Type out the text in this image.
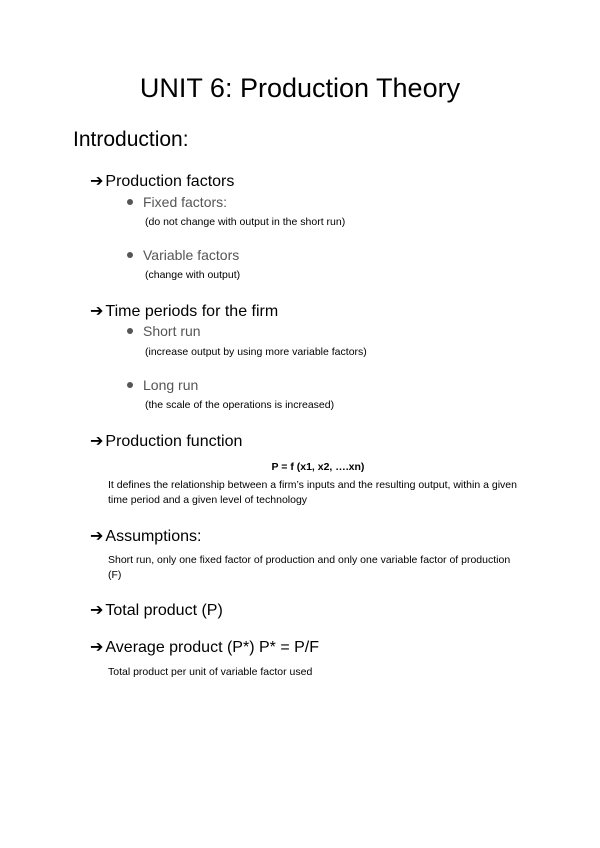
UNIT 6: Production Theory
Introduction:
➔ Production factors
Fixed factors:
(do not change with output in the short run)
Variable factors
(change with output)
➔ Time periods for the firm
Short run
(increase output by using more variable factors)
Long run
(the scale of the operations is increased)
➔ Production function
P = f (x1, x2, ….xn)
It defines the relationship between a firm’s inputs and the resulting output, within a given time period and a given level of technology
➔ Assumptions:
Short run, only one fixed factor of production and only one variable factor of production (F)
➔ Total product (P)
➔ Average product (P*) P* = P/F
Total product per unit of variable factor used
